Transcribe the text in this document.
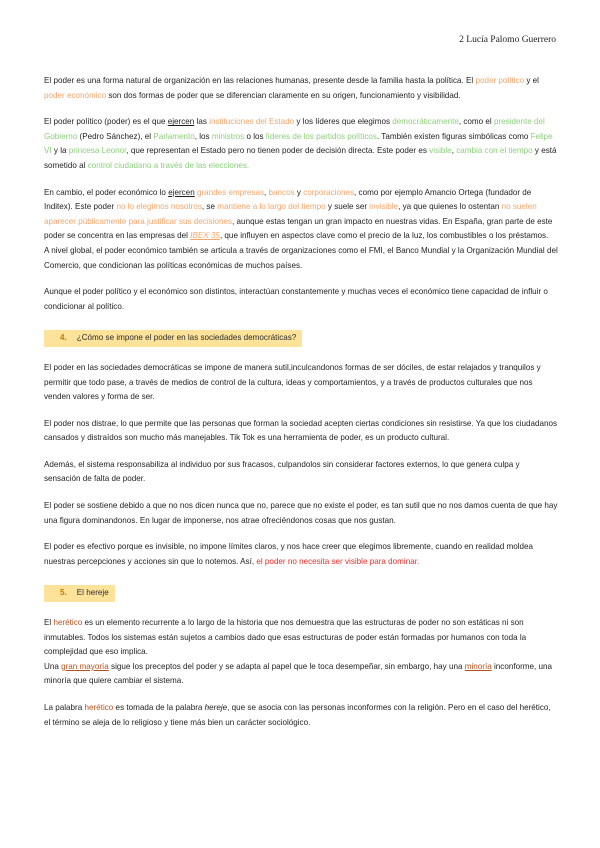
2 Lucía Palomo Guerrero

El poder es una forma natural de organización en las relaciones humanas, presente desde la familia hasta la política. El poder político y el poder económico son dos formas de poder que se diferencian claramente en su origen, funcionamiento y visibilidad.

El poder político (poder) es el que ejercen las instituciones del Estado y los líderes que elegimos democráticamente, como el presidente del Gobierno (Pedro Sánchez), el Parlamento, los ministros o los líderes de los partidos políticos. También existen figuras simbólicas como Felipe VI y la princesa Leonor, que representan el Estado pero no tienen poder de decisión directa. Este poder es visible, cambia con el tiempo y está sometido al control ciudadano a través de las elecciones.

En cambio, el poder económico lo ejercen grandes empresas, bancos y corporaciones, como por ejemplo Amancio Ortega (fundador de Inditex). Este poder no lo elegimos nosotros, se mantiene a lo largo del tiempo y suele ser invisible, ya que quienes lo ostentan no suelen aparecer públicamente para justificar sus decisiones, aunque estas tengan un gran impacto en nuestras vidas. En España, gran parte de este poder se concentra en las empresas del IBEX 35, que influyen en aspectos clave como el precio de la luz, los combustibles o los préstamos.

A nivel global, el poder económico también se articula a través de organizaciones como el FMI, el Banco Mundial y la Organización Mundial del Comercio, que condicionan las políticas económicas de muchos países.

Aunque el poder político y el económico son distintos, interactúan constantemente y muchas veces el económico tiene capacidad de influir o condicionar al político.

4. ¿Cómo se impone el poder en las sociedades democráticas?

El poder en las sociedades democráticas se impone de manera sutil,inculcandonos formas de ser dóciles, de estar relajados y tranquilos y permitir que todo pase, a través de medios de control de la cultura, ideas y comportamientos, y a través de productos culturales que nos venden valores y forma de ser.

El poder nos distrae, lo que permite que las personas que forman la sociedad acepten ciertas condiciones sin resistirse. Ya que los ciudadanos cansados y distraídos son mucho más manejables. Tik Tok es una herramienta de poder, es un producto cultural.

Además, el sistema responsabiliza al individuo por sus fracasos, culpandolos sin considerar factores externos, lo que genera culpa y sensación de falta de poder.

El poder se sostiene debido a que no nos dicen nunca que no, parece que no existe el poder, es tan sutil que no nos damos cuenta de que hay una figura dominandonos. En lugar de imponerse, nos atrae ofreciéndonos cosas que nos gustan.

El poder es efectivo porque es invisible, no impone límites claros, y nos hace creer que elegimos libremente, cuando en realidad moldea nuestras percepciones y acciones sin que lo notemos. Así, el poder no necesita ser visible para dominar.

5. El hereje

El herético es un elemento recurrente a lo largo de la historia que nos demuestra que las estructuras de poder no son estáticas ni son inmutables. Todos los sistemas están sujetos a cambios dado que esas estructuras de poder están formadas por humanos con toda la complejidad que eso implica.

Una gran mayoría sigue los preceptos del poder y se adapta al papel que le toca desempeñar, sin embargo, hay una minoría inconforme, una minoría que quiere cambiar el sistema.

La palabra herético es tomada de la palabra hereje, que se asocia con las personas inconformes con la religión. Pero en el caso del herético, el término se aleja de lo religioso y tiene más bien un carácter sociológico.
